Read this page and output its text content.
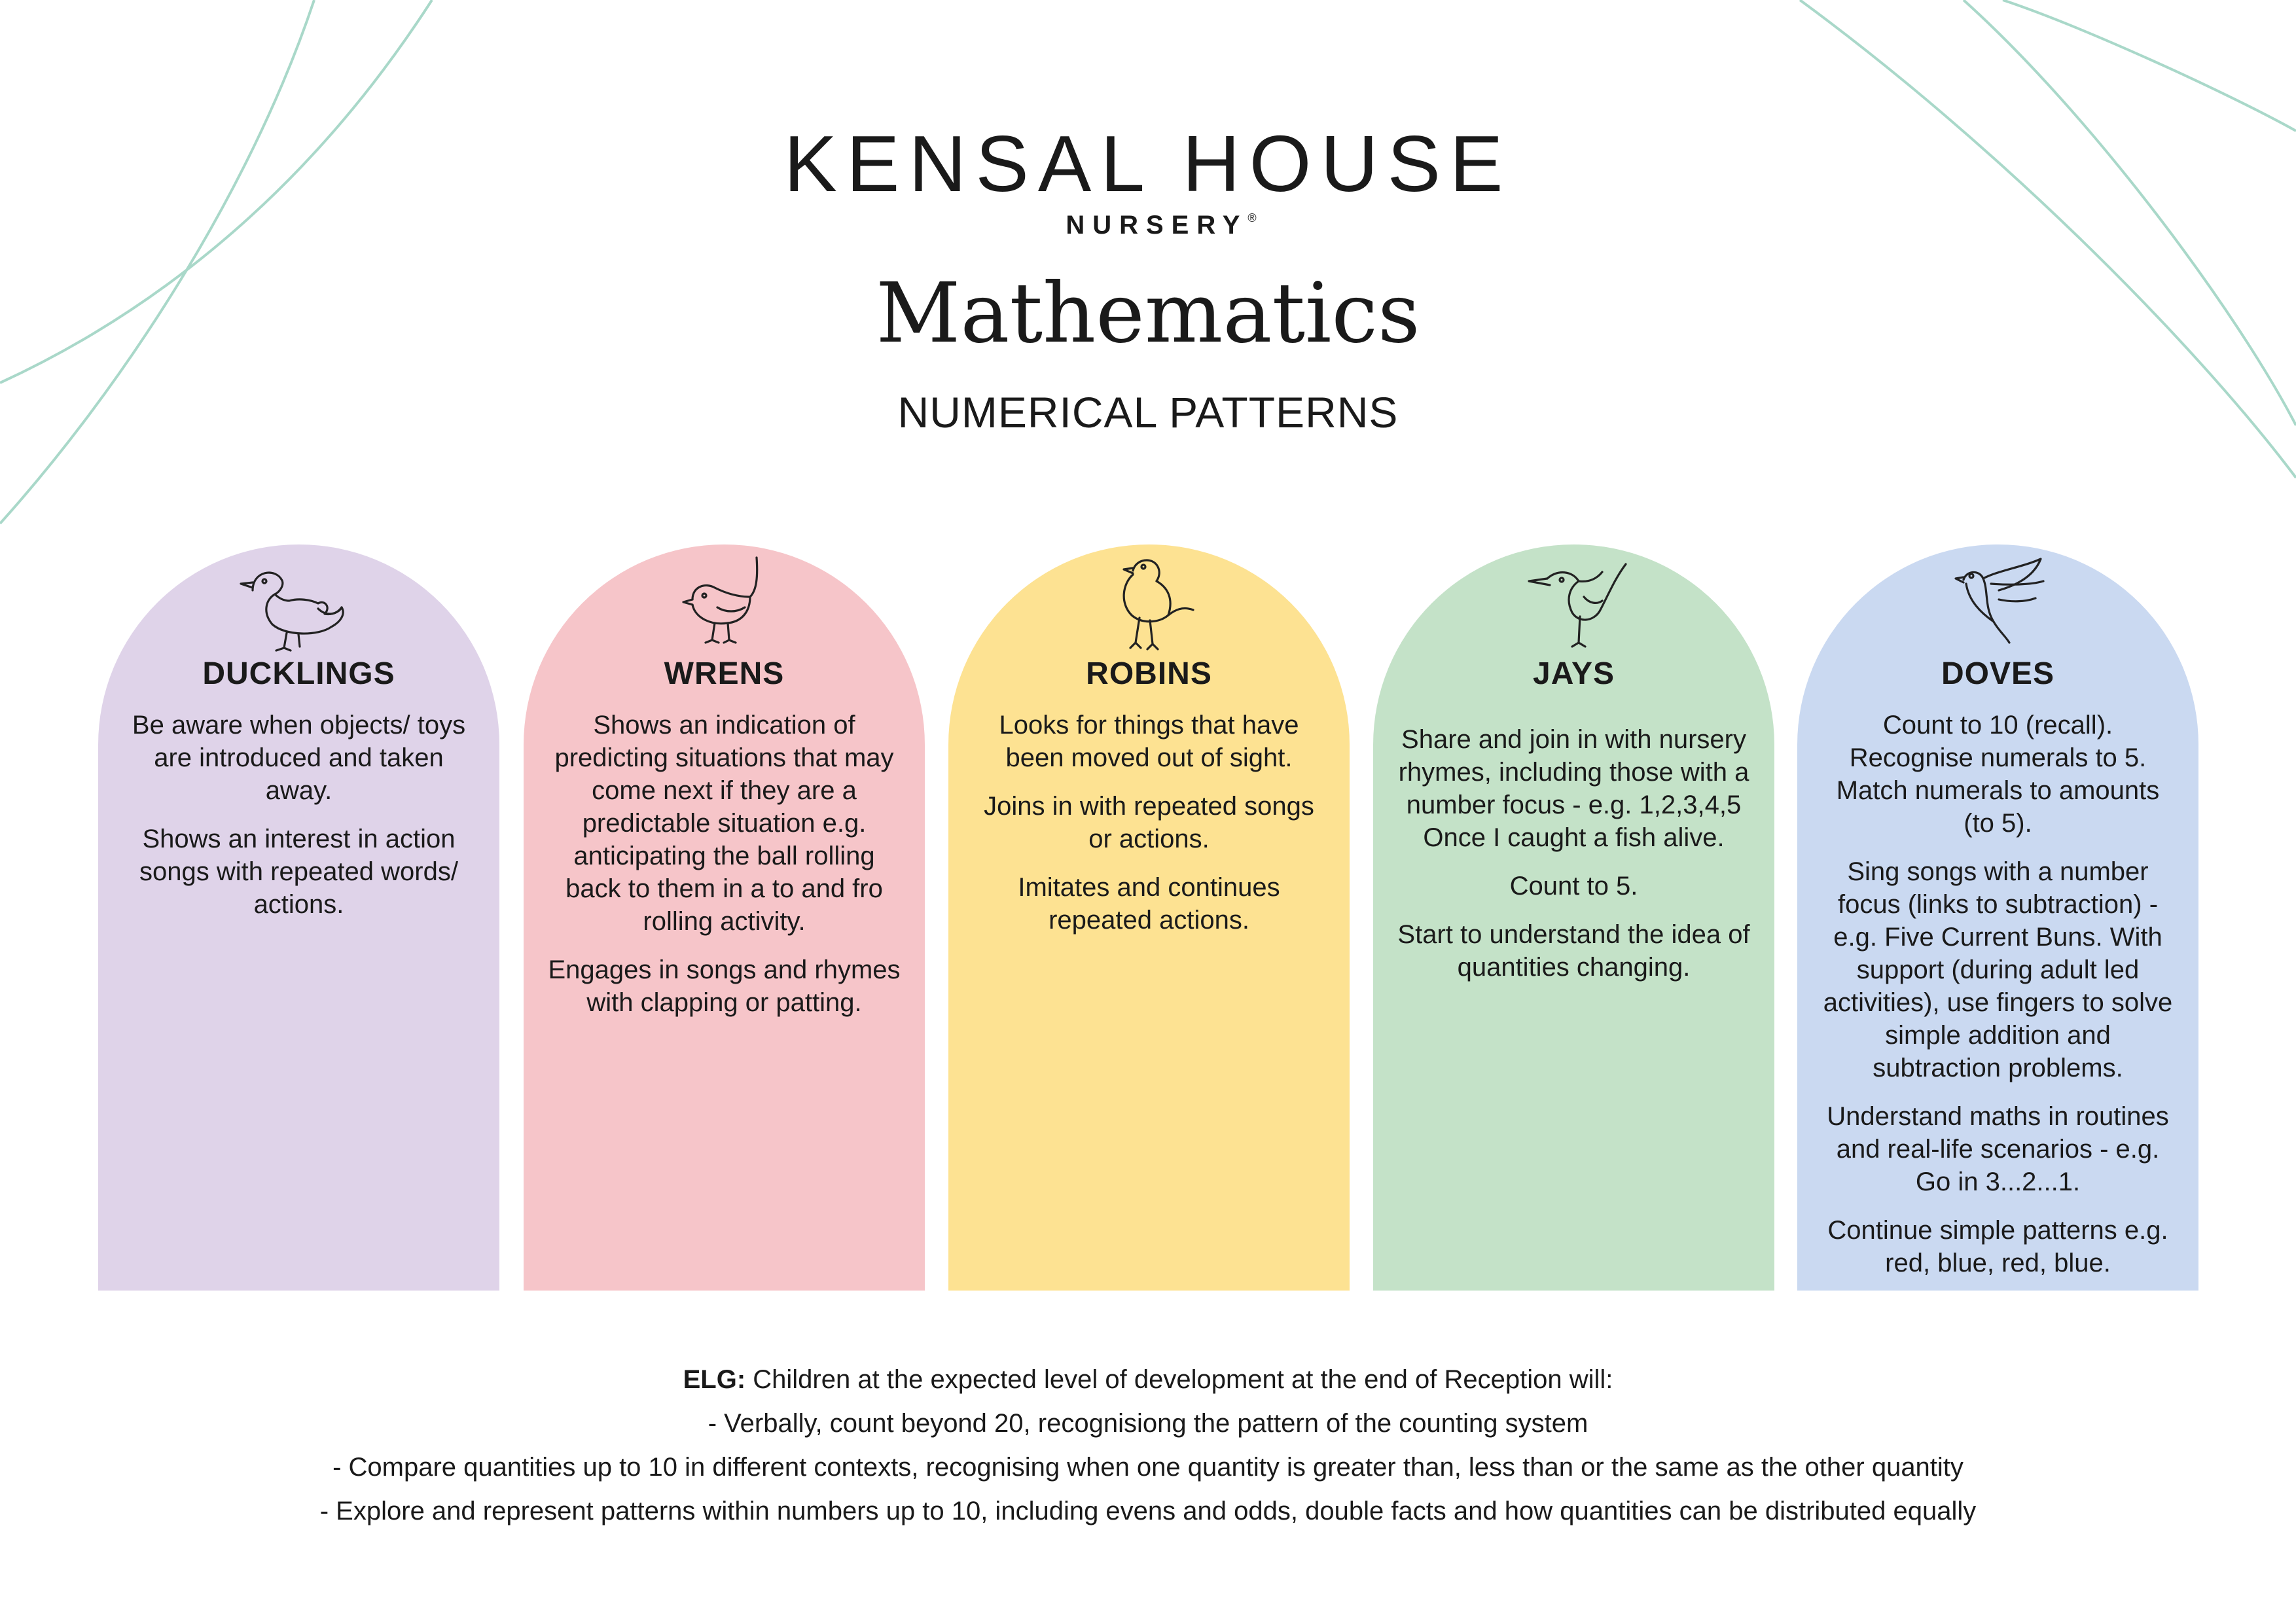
KENSAL HOUSE
NURSERY®
Mathematics
NUMERICAL PATTERNS
DUCKLINGS

Be aware when objects/ toys are introduced and taken away.

Shows an interest in action songs with repeated words/ actions.

WRENS

Shows an indication of predicting situations that may come next if they are a predictable situation e.g. anticipating the ball rolling back to them in a to and fro rolling activity.

Engages in songs and rhymes with clapping or patting.

ROBINS

Looks for things that have been moved out of sight.

Joins in with repeated songs or actions.

Imitates and continues repeated actions.

JAYS

Share and join in with nursery rhymes, including those with a number focus - e.g. 1,2,3,4,5 Once I caught a fish alive.

Count to 5.

Start to understand the idea of quantities changing.

DOVES

Count to 10 (recall). Recognise numerals to 5. Match numerals to amounts (to 5).

Sing songs with a number focus (links to subtraction) - e.g. Five Current Buns. With support (during adult led activities), use fingers to solve simple addition and subtraction problems.

Understand maths in routines and real-life scenarios - e.g. Go in 3...2...1.

Continue simple patterns e.g. red, blue, red, blue.

ELG: Children at the expected level of development at the end of Reception will:
- Verbally, count beyond 20, recognisiong the pattern of the counting system
- Compare quantities up to 10 in different contexts, recognising when one quantity is greater than, less than or the same as the other quantity
- Explore and represent patterns within numbers up to 10, including evens and odds, double facts and how quantities can be distributed equally
